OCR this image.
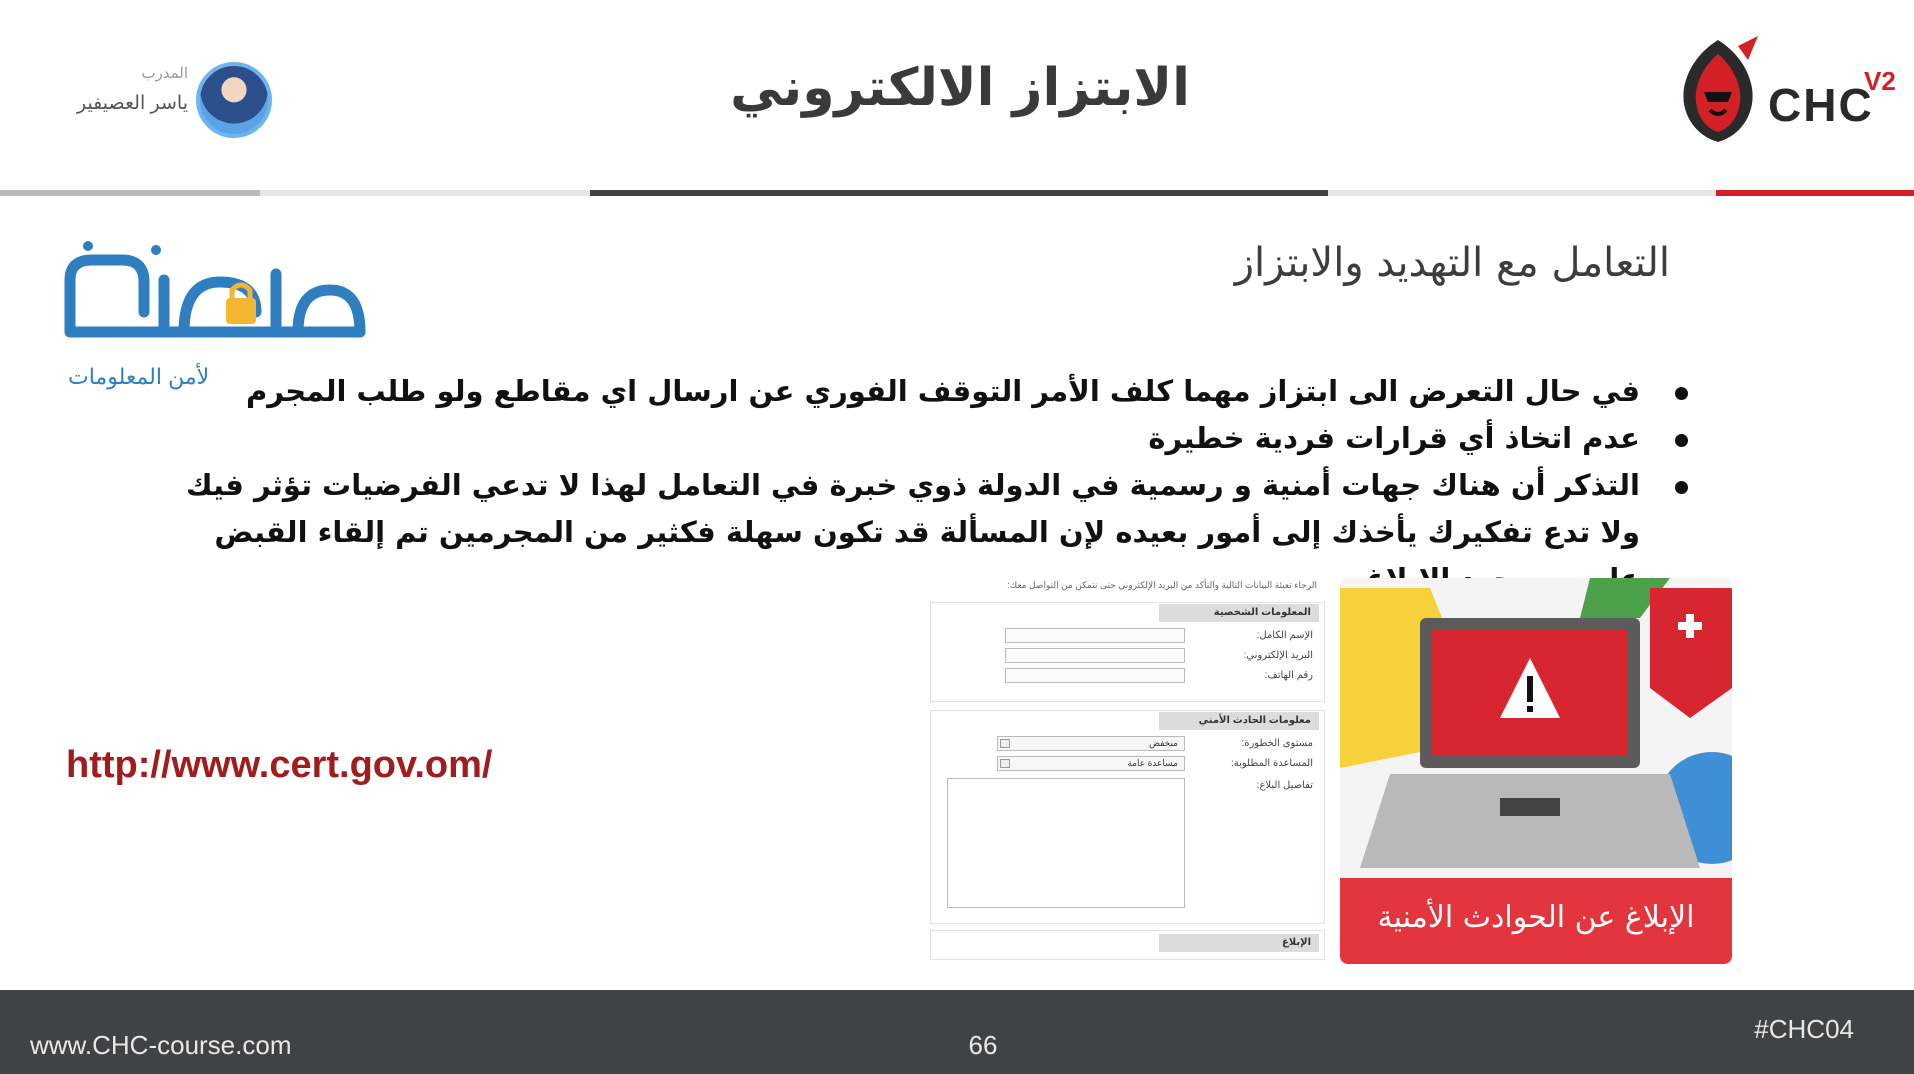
المدرب
ياسر العصيفير	الابتزاز الالكتروني	CHC
V2
لأمن المعلومات
التعامل مع التهديد والابتزاز
في حال التعرض الى ابتزاز مهما كلف الأمر التوقف الفوري عن ارسال اي مقاطع ولو طلب المجرم
عدم اتخاذ أي قرارات فردية خطيرة
التذكر أن هناك جهات أمنية و رسمية في الدولة ذوي خبرة في التعامل لهذا لا تدعي الفرضيات تؤثر فيك ولا تدع تفكيرك يأخذك إلى أمور بعيده لإن المسألة قد تكون سهلة فكثير من المجرمين تم إلقاء القبض
http://www.cert.gov.om/
الرجاء تعبئة البيانات التالية والتأكد من البريد الإلكتروني حتى نتمكن من التواصل معك:
المعلومات الشخصية
الإسم الكامل:
البريد الإلكتروني:
رقم الهاتف:
معلومات الحادث الأمني
مستوى الخطورة:
منخفض
المساعدة المطلوبة:
مساعدة عامة
تفاصيل البلاغ:
الإبلاغ
الإبلاغ عن الحوادث الأمنية
www.CHC-course.com	66
#CHC04
